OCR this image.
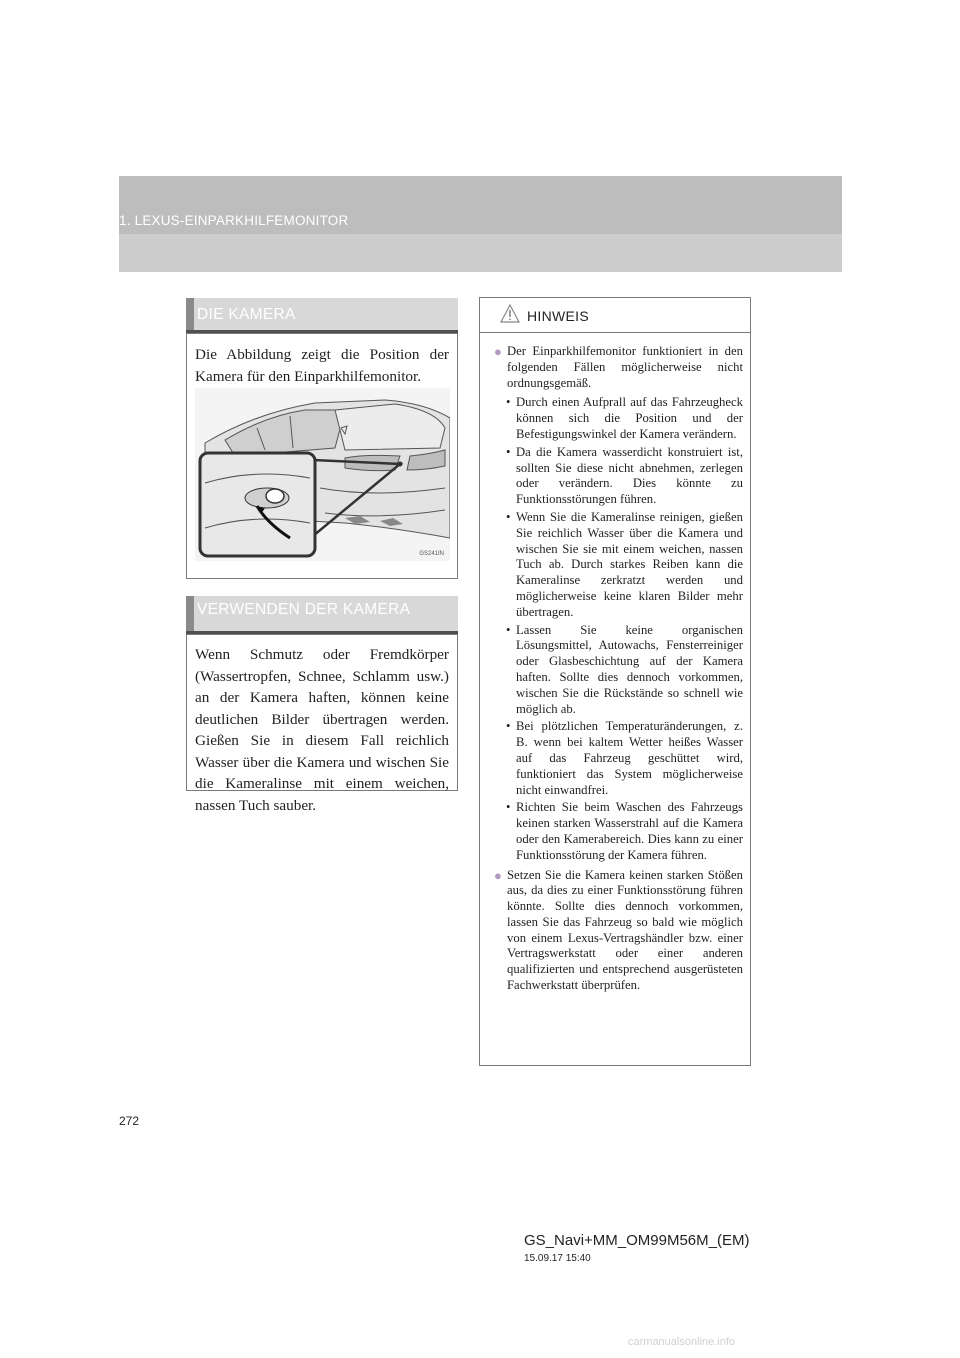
1. LEXUS-EINPARKHILFEMONITOR
DIE KAMERA

Die Abbildung zeigt die Position der Kamera für den Einparkhilfemonitor.

GS241IN
VERWENDEN DER KAMERA

Wenn Schmutz oder Fremdkörper (Wassertropfen, Schnee, Schlamm usw.) an der Kamera haften, können keine deutlichen Bilder übertragen werden. Gießen Sie in diesem Fall reichlich Wasser über die Kamera und wischen Sie die Kameralinse mit einem weichen, nassen Tuch sauber.

HINWEIS
● Der Einparkhilfemonitor funktioniert in den folgenden Fällen möglicherweise nicht ordnungsgemäß.
• Durch einen Aufprall auf das Fahrzeugheck können sich die Position und der Befestigungswinkel der Kamera verändern.
• Da die Kamera wasserdicht konstruiert ist, sollten Sie diese nicht abnehmen, zerlegen oder verändern. Dies könnte zu Funktionsstörungen führen.
• Wenn Sie die Kameralinse reinigen, gießen Sie reichlich Wasser über die Kamera und wischen Sie sie mit einem weichen, nassen Tuch ab. Durch starkes Reiben kann die Kameralinse zerkratzt werden und möglicherweise keine klaren Bilder mehr übertragen.
• Lassen Sie keine organischen Lösungsmittel, Autowachs, Fensterreiniger oder Glasbeschichtung auf der Kamera haften. Sollte dies dennoch vorkommen, wischen Sie die Rückstände so schnell wie möglich ab.
• Bei plötzlichen Temperaturänderungen, z. B. wenn bei kaltem Wetter heißes Wasser auf das Fahrzeug geschüttet wird, funktioniert das System möglicherweise nicht einwandfrei.
• Richten Sie beim Waschen des Fahrzeugs keinen starken Wasserstrahl auf die Kamera oder den Kamerabereich. Dies kann zu einer Funktionsstörung der Kamera führen.
● Setzen Sie die Kamera keinen starken Stößen aus, da dies zu einer Funktionsstörung führen könnte. Sollte dies dennoch vorkommen, lassen Sie das Fahrzeug so bald wie möglich von einem Lexus-Vertragshändler bzw. einer Vertragswerkstatt oder einer anderen qualifizierten und entsprechend ausgerüsteten Fachwerkstatt überprüfen.
272
GS_Navi+MM_OM99M56M_(EM)
15.09.17 15:40
carmanualsonline.info
